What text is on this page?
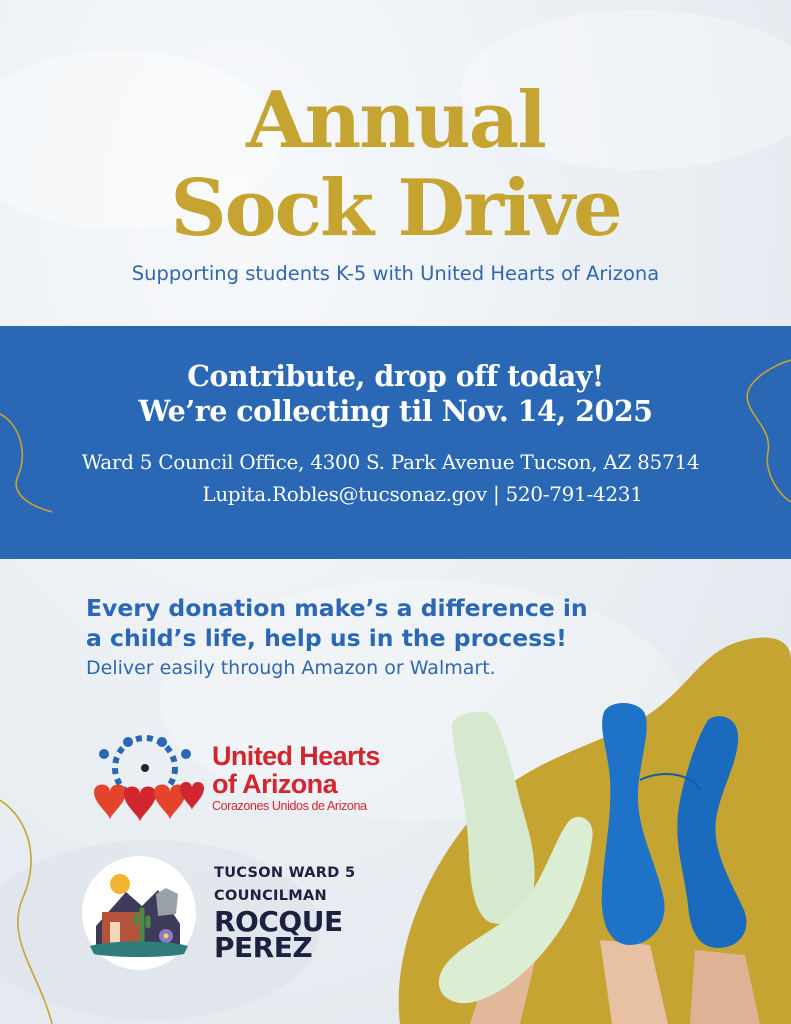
Annual
Sock Drive
Supporting students K-5 with United Hearts of Arizona
Contribute, drop off today!
We’re collecting til Nov. 14, 2025
Ward 5 Council Office, 4300 S. Park Avenue Tucson, AZ 85714
Lupita.Robles@tucsonaz.gov | 520-791-4231
Every donation make’s a difference in
a child’s life, help us in the process!
Deliver easily through Amazon or Walmart.
United Hearts
of Arizona
Corazones Unidos de Arizona
TUCSON WARD 5
COUNCILMAN
ROCQUE
PEREZ
